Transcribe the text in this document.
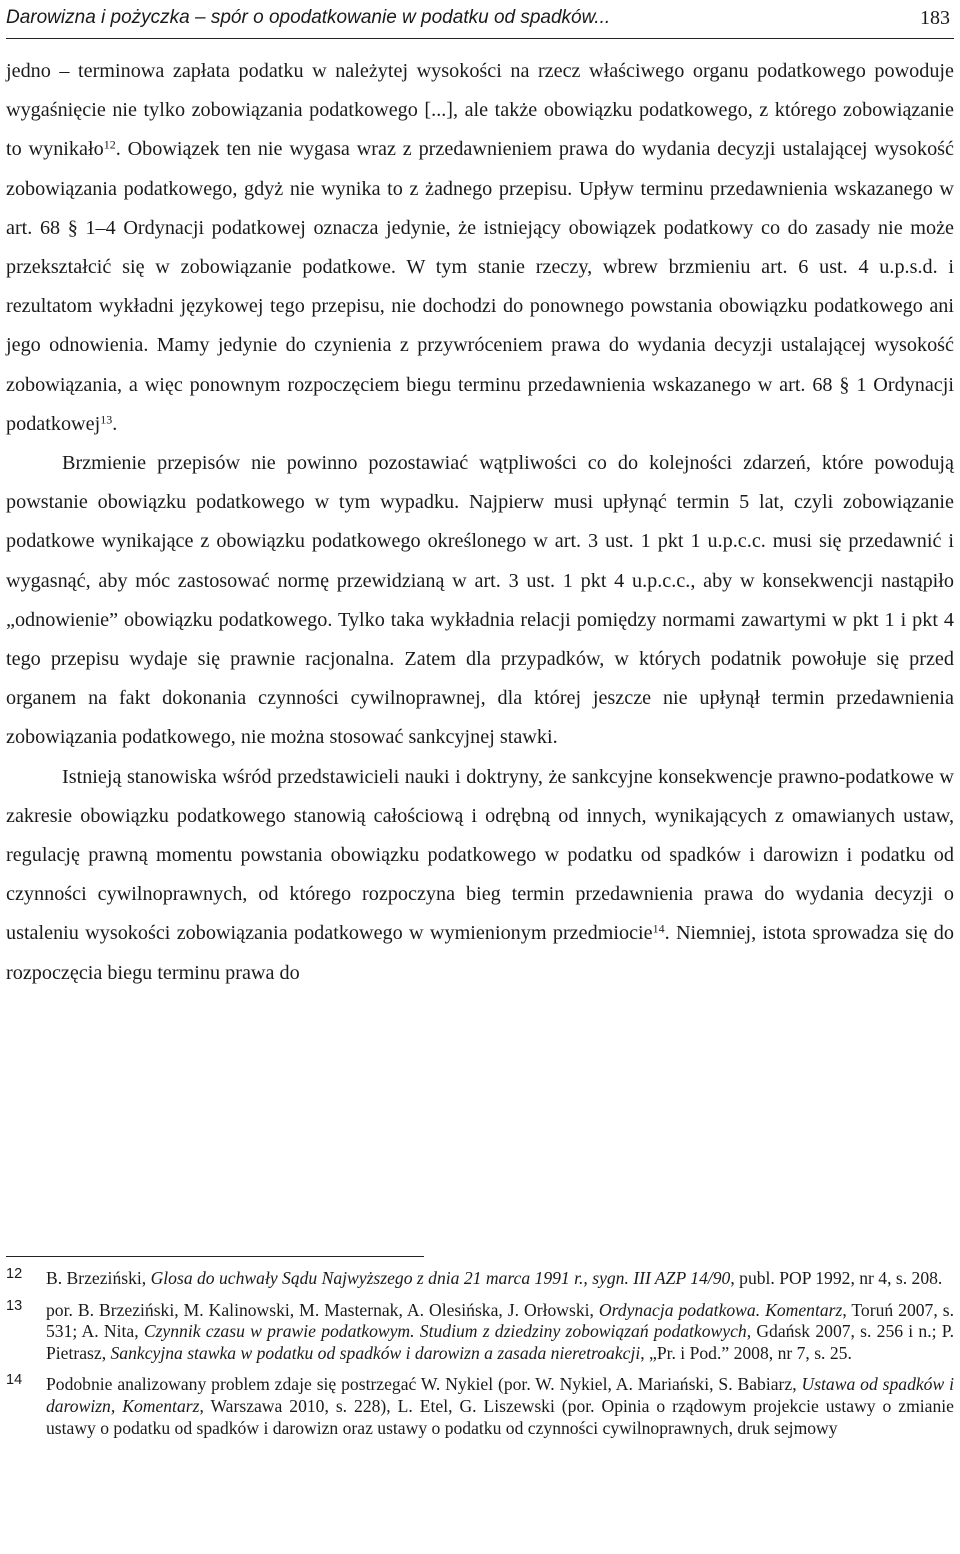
Darowizna i pożyczka – spór o opodatkowanie w podatku od spadków...	183

jedno – terminowa zapłata podatku w należytej wysokości na rzecz właściwego organu podatkowego powoduje wygaśnięcie nie tylko zobowiązania podatkowego [...], ale także obowiązku podatkowego, z którego zobowiązanie to wynikało$^{12}$. Obowiązek ten nie wygasa wraz z przedawnieniem prawa do wydania decyzji ustalającej wysokość zobowiązania podatkowego, gdyż nie wynika to z żadnego przepisu. Upływ terminu przedawnienia wskazanego w art. 68 § 1–4 Ordynacji podatkowej oznacza jedynie, że istniejący obowiązek podatkowy co do zasady nie może przekształcić się w zobowiązanie podatkowe. W tym stanie rzeczy, wbrew brzmieniu art. 6 ust. 4 u.p.s.d. i rezultatom wykładni językowej tego przepisu, nie dochodzi do ponownego powstania obowiązku podatkowego ani jego odnowienia. Mamy jedynie do czynienia z przywróceniem prawa do wydania decyzji ustalającej wysokość zobowiązania, a więc ponownym rozpoczęciem biegu terminu przedawnienia wskazanego w art. 68 § 1 Ordynacji podatkowej$^{13}$.

Brzmienie przepisów nie powinno pozostawiać wątpliwości co do kolejności zdarzeń, które powodują powstanie obowiązku podatkowego w tym wypadku. Najpierw musi upłynąć termin 5 lat, czyli zobowiązanie podatkowe wynikające z obowiązku podatkowego określonego w art. 3 ust. 1 pkt 1 u.p.c.c. musi się przedawnić i wygasnąć, aby móc zastosować normę przewidzianą w art. 3 ust. 1 pkt 4 u.p.c.c., aby w konsekwencji nastąpiło „odnowienie” obowiązku podatkowego. Tylko taka wykładnia relacji pomiędzy normami zawartymi w pkt 1 i pkt 4 tego przepisu wydaje się prawnie racjonalna. Zatem dla przypadków, w których podatnik powołuje się przed organem na fakt dokonania czynności cywilnoprawnej, dla której jeszcze nie upłynął termin przedawnienia zobowiązania podatkowego, nie można stosować sankcyjnej stawki.

Istnieją stanowiska wśród przedstawicieli nauki i doktryny, że sankcyjne konsekwencje prawno-podatkowe w zakresie obowiązku podatkowego stanowią całościową i odrębną od innych, wynikających z omawianych ustaw, regulację prawną momentu powstania obowiązku podatkowego w podatku od spadków i darowizn i podatku od czynności cywilnoprawnych, od którego rozpoczyna bieg termin przedawnienia prawa do wydania decyzji o ustaleniu wysokości zobowiązania podatkowego w wymienionym przedmiocie$^{14}$. Niemniej, istota sprowadza się do rozpoczęcia biegu terminu prawa do

12 B. Brzeziński, Glosa do uchwały Sądu Najwyższego z dnia 21 marca 1991 r., sygn. III AZP 14/90, publ. POP 1992, nr 4, s. 208.
13 por. B. Brzeziński, M. Kalinowski, M. Masternak, A. Olesińska, J. Orłowski, Ordynacja podatkowa. Komentarz, Toruń 2007, s. 531; A. Nita, Czynnik czasu w prawie podatkowym. Studium z dziedziny zobowiązań podatkowych, Gdańsk 2007, s. 256 i n.; P. Pietrasz, Sankcyjna stawka w podatku od spadków i darowizn a zasada nieretroakcji, „Pr. i Pod.” 2008, nr 7, s. 25.
14 Podobnie analizowany problem zdaje się postrzegać W. Nykiel (por. W. Nykiel, A. Mariański, S. Babiarz, Ustawa od spadków i darowizn, Komentarz, Warszawa 2010, s. 228), L. Etel, G. Liszewski (por. Opinia o rządowym projekcie ustawy o zmianie ustawy o podatku od spadków i darowizn oraz ustawy o podatku od czynności cywilnoprawnych, druk sejmowy
